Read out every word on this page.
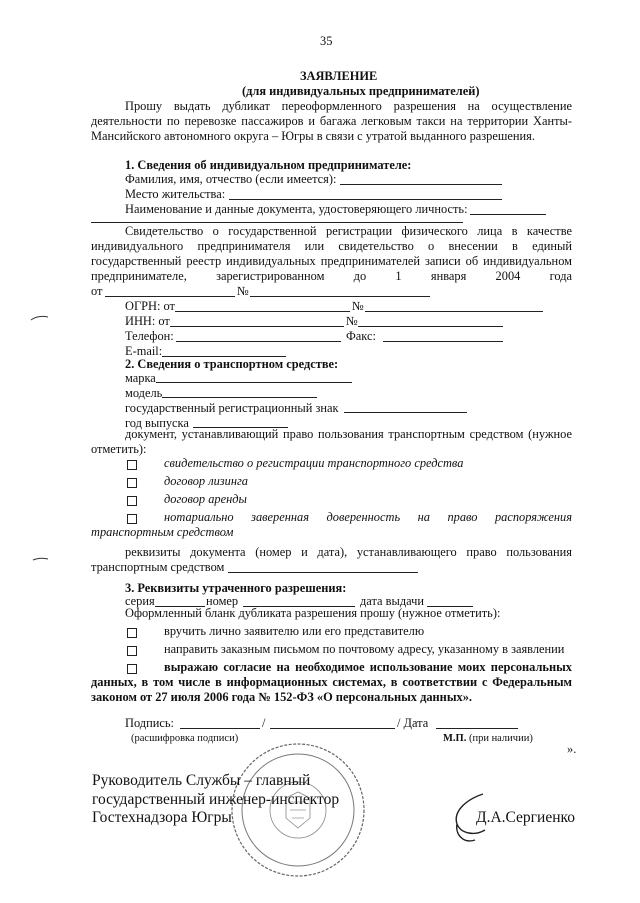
35
ЗАЯВЛЕНИЕ
(для индивидуальных предпринимателей)
Прошу выдать дубликат переоформленного разрешения на осуществление
деятельности по перевозке пассажиров и багажа легковым такси на территории Ханты-
Мансийского автономного округа – Югры в связи с утратой выданного разрешения.
1. Сведения об индивидуальном предпринимателе:
Фамилия, имя, отчество (если имеется):
Место жительства:
Наименование и данные документа, удостоверяющего личность:
Свидетельство о государственной регистрации физического лица в качестве
индивидуального предпринимателя или свидетельство о внесении в единый
государственный реестр индивидуальных предпринимателей записи об индивидуальном
предпринимателе, зарегистрированном до 1 января 2004 года
от	№
ОГРН: от	№
ИНН: от	№
Телефон:	Факс:
E-mail:
2. Сведения о транспортном средстве:
марка
модель
государственный регистрационный знак
год выпуска
документ, устанавливающий право пользования транспортным средством (нужное
отметить):
свидетельство о регистрации транспортного средства
договор лизинга
договор аренды
нотариально заверенная доверенность на право распоряжения
транспортным средством
реквизиты документа (номер и дата), устанавливающего право пользования
транспортным средством
3. Реквизиты утраченного разрешения:
серия	номер	дата выдачи
Оформленный бланк дубликата разрешения прошу (нужное отметить):
вручить лично заявителю или его представителю
направить заказным письмом по почтовому адресу, указанному в заявлении
выражаю согласие на необходимое использование моих персональных
данных, в том числе в информационных системах, в соответствии с Федеральным
законом от 27 июля 2006 года № 152-ФЗ «О персональных данных».
Подпись:	/	/ Дата
(расшифровка подписи)	М.П. (при наличии)
».
Руководитель Службы – главный
государственный инженер-инспектор
Гостехнадзора Югры	Д.А.Сергиенко
